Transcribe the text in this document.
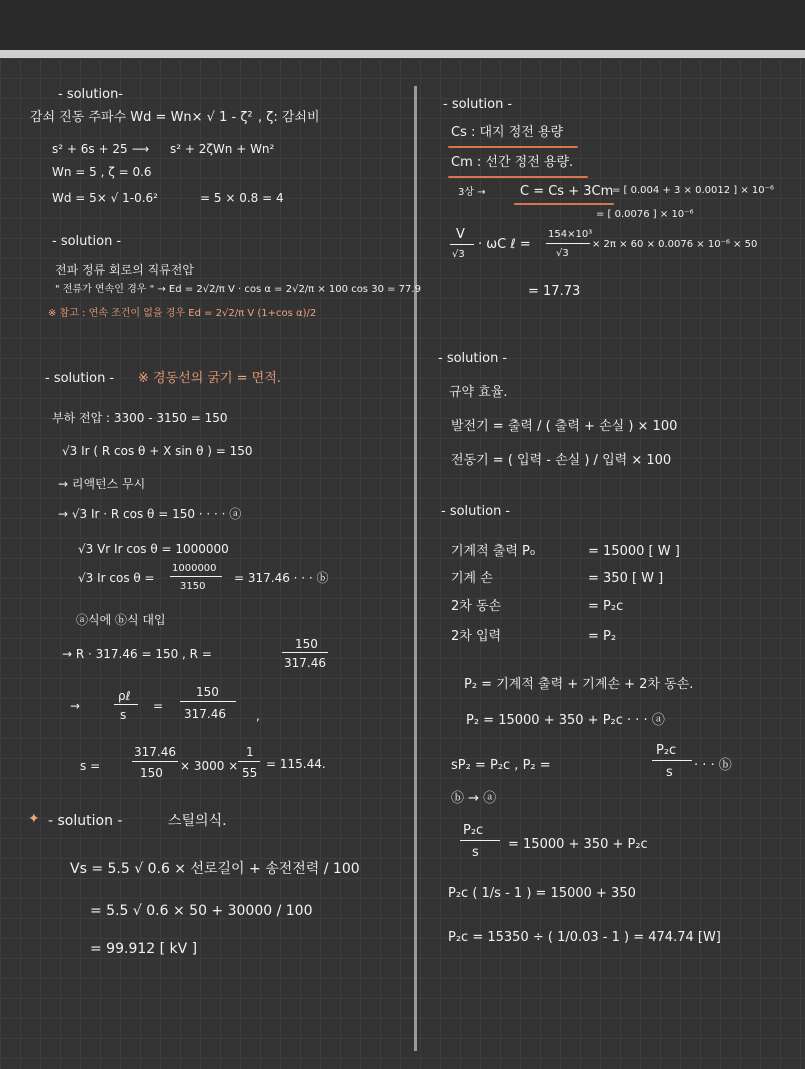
- solution-
감쇠 진동 주파수 Wd = Wn× √ 1 - ζ² , ζ: 감쇠비
s² + 6s + 25 ⟶ s² + 2ζWn + Wn²
Wn = 5 , ζ = 0.6
Wd = 5× √ 1-0.6²	= 5 × 0.8 = 4
- solution -
전파 정류 회로의 직류전압
" 전류가 연속인 경우 " → Ed = 2√2/π V · cos α = 2√2/π × 100 cos 30 = 77.9
※ 참고 : 연속 조건이 없을 경우 Ed = 2√2/π V (1+cos α)/2
- solution - ※ 경동선의 굵기 = 면적.
부하 전압 : 3300 - 3150 = 150
√3 Ir ( R cos θ + X sin θ ) = 150
→ 리액턴스 무시
→ √3 Ir · R cos θ = 150 · · · · ⓐ
√3 Vr Ir cos θ = 1000000
√3 Ir cos θ =
1000000
3150
= 317.46 · · · ⓑ
ⓐ식에 ⓑ식 대입
→ R · 317.46 = 150 , R =
150
317.46
→
ρℓ
s
=
150
317.46	,
s =
317.46
150 × 3000 ×
1
55
= 115.44.
✦ - solution -	스틸의식.
Vs = 5.5 √ 0.6 × 선로길이 + 송전전력 / 100
= 5.5 √ 0.6 × 50 + 30000 / 100
= 99.912 [ kV ]
- solution -
Cs : 대지 정전 용량
Cm : 선간 정전 용량.
3상 →	C = Cs + 3Cm
= [ 0.004 + 3 × 0.0012 ] × 10⁻⁶
= [ 0.0076 ] × 10⁻⁶
V
√3
· ωC ℓ =
154×10³
√3
× 2π × 60 × 0.0076 × 10⁻⁶ × 50
= 17.73
- solution -
규약 효율.
발전기 = 출력 / ( 출력 + 손실 ) × 100
전동기 = ( 입력 - 손실 ) / 입력 × 100
- solution -
기계적 출력 P₀	= 15000 [ W ]
기계 손	= 350 [ W ]
2차 동손	= P₂c
2차 입력	= P₂
P₂ = 기계적 출력 + 기계손 + 2차 동손.
P₂ = 15000 + 350 + P₂c · · · ⓐ
sP₂ = P₂c , P₂ =
P₂c
s · · · ⓑ
ⓑ → ⓐ
P₂c
s
= 15000 + 350 + P₂c
P₂c ( 1/s - 1 ) = 15000 + 350
P₂c = 15350 ÷ ( 1/0.03 - 1 ) = 474.74 [W]
